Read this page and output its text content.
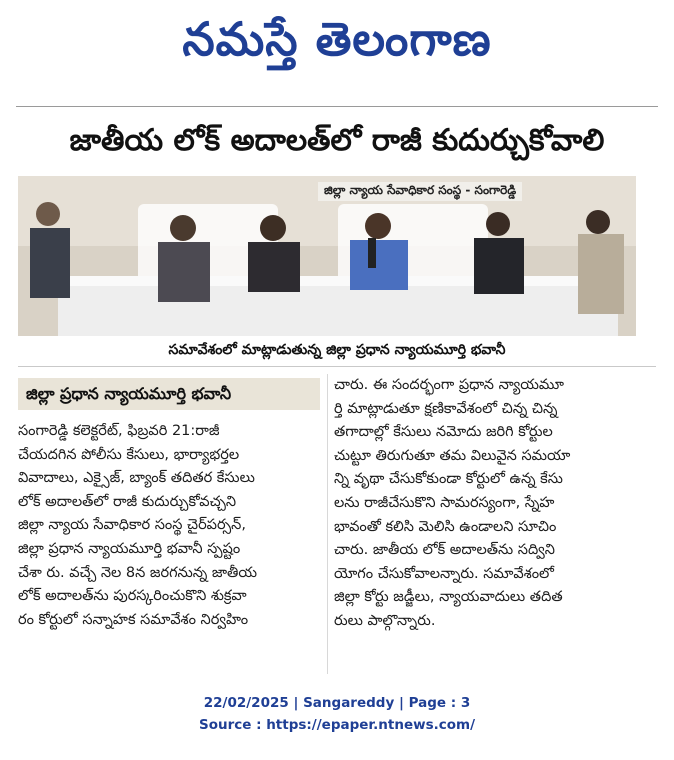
నమస్తే తెలంగాణ
జాతీయ లోక్ అదాలత్‌లో రాజీ కుదుర్చుకోవాలి
జిల్లా న్యాయ సేవాధికార సంస్థ - సంగారెడ్డి
సమావేశంలో మాట్లాడుతున్న జిల్లా ప్రధాన న్యాయమూర్తి భవానీ
జిల్లా ప్రధాన న్యాయమూర్తి భవానీ

సంగారెడ్డి కలెక్టరేట్, ఫిబ్రవరి 21:రాజీ

చేయదగిన పోలీసు కేసులు, భార్యాభర్తల

వివాదాలు, ఎక్సైజ్, బ్యాంక్ తదితర కేసులు

లోక్ అదాలత్‌లో రాజీ కుదుర్చుకోవచ్చని

జిల్లా న్యాయ సేవాధికార సంస్థ చైర్‌పర్సన్,

జిల్లా ప్రధాన న్యాయమూర్తి భవానీ స్పష్టం

చేశా రు. వచ్చే నెల 8న జరగనున్న జాతీయ

లోక్ అదాలత్‌ను పురస్కరించుకొని శుక్రవా

రం కోర్టులో సన్నాహక సమావేశం నిర్వహిం

చారు. ఈ సందర్భంగా ప్రధాన న్యాయమూ

ర్తి మాట్లాడుతూ క్షణికావేశంలో చిన్న చిన్న

తగాదాల్లో కేసులు నమోదు జరిగి కోర్టుల

చుట్టూ తిరుగుతూ తమ విలువైన సమయా

న్ని వృథా చేసుకోకుండా కోర్టులో ఉన్న కేసు

లను రాజీచేసుకొని సామరస్యంగా, స్నేహ

భావంతో కలిసి మెలిసి ఉండాలని సూచిం

చారు. జాతీయ లోక్ అదాలత్‌ను సద్విని

యోగం చేసుకోవాలన్నారు. సమావేశంలో

జిల్లా కోర్టు జడ్జీలు, న్యాయవాదులు తదిత

రులు పాల్గొన్నారు.

22/02/2025 | Sangareddy | Page : 3
Source : https://epaper.ntnews.com/
